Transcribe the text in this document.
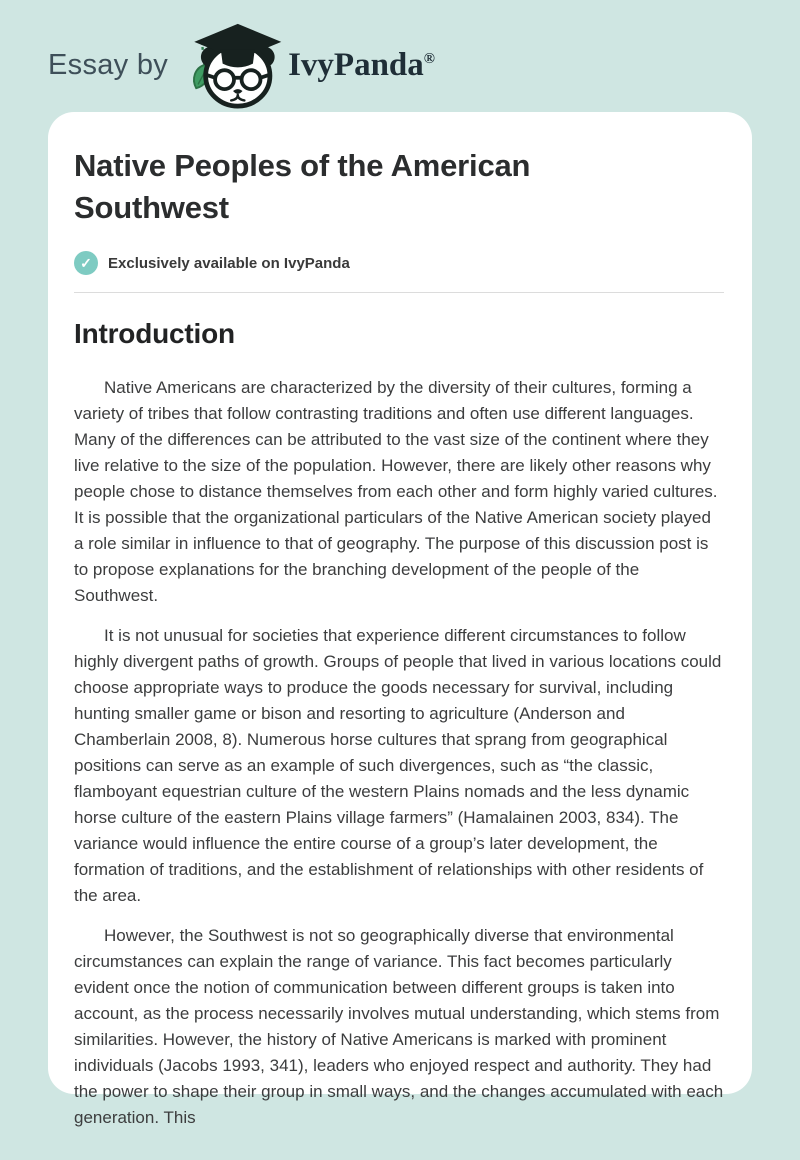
Essay by	IvyPanda®
Native Peoples of the American Southwest
✓	Exclusively available on IvyPanda
Introduction

Native Americans are characterized by the diversity of their cultures, forming a variety of tribes that follow contrasting traditions and often use different languages. Many of the differences can be attributed to the vast size of the continent where they live relative to the size of the population. However, there are likely other reasons why people chose to distance themselves from each other and form highly varied cultures. It is possible that the organizational particulars of the Native American society played a role similar in influence to that of geography. The purpose of this discussion post is to propose explanations for the branching development of the people of the Southwest.

It is not unusual for societies that experience different circumstances to follow highly divergent paths of growth. Groups of people that lived in various locations could choose appropriate ways to produce the goods necessary for survival, including hunting smaller game or bison and resorting to agriculture (Anderson and Chamberlain 2008, 8). Numerous horse cultures that sprang from geographical positions can serve as an example of such divergences, such as “the classic, flamboyant equestrian culture of the western Plains nomads and the less dynamic horse culture of the eastern Plains village farmers” (Hamalainen 2003, 834). The variance would influence the entire course of a group’s later development, the formation of traditions, and the establishment of relationships with other residents of the area.

However, the Southwest is not so geographically diverse that environmental circumstances can explain the range of variance. This fact becomes particularly evident once the notion of communication between different groups is taken into account, as the process necessarily involves mutual understanding, which stems from similarities. However, the history of Native Americans is marked with prominent individuals (Jacobs 1993, 341), leaders who enjoyed respect and authority. They had the power to shape their group in small ways, and the changes accumulated with each generation. This
